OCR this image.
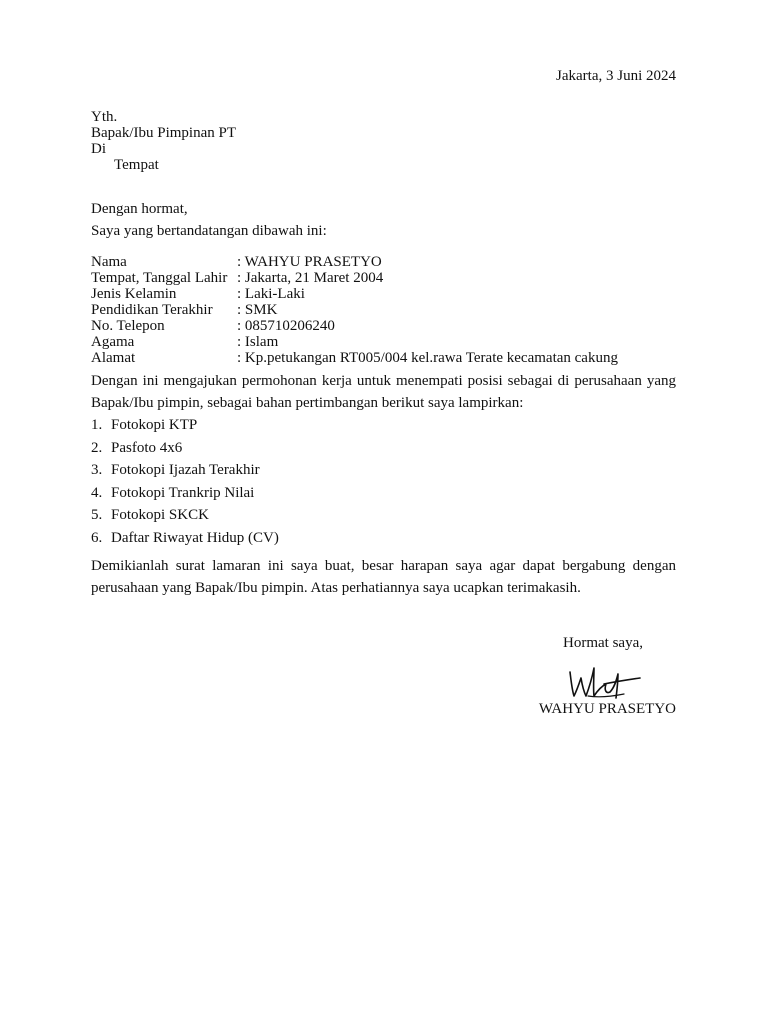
Jakarta, 3 Juni 2024
Yth.
Bapak/Ibu Pimpinan PT
Di
Tempat
Dengan hormat,
Saya yang bertandatangan dibawah ini:
Nama	: WAHYU PRASETYO
Tempat, Tanggal Lahir : Jakarta, 21 Maret 2004
Jenis Kelamin	: Laki-Laki
Pendidikan Terakhir	: SMK
No. Telepon	: 085710206240
Agama	: Islam
Alamat	: Kp.petukangan RT005/004 kel.rawa Terate kecamatan cakung
Dengan ini mengajukan permohonan kerja untuk menempati posisi sebagai di perusahaan yang Bapak/Ibu pimpin, sebagai bahan pertimbangan berikut saya lampirkan:
1. Fotokopi KTP
2. Pasfoto 4x6
3. Fotokopi Ijazah Terakhir
4. Fotokopi Trankrip Nilai
5. Fotokopi SKCK
6. Daftar Riwayat Hidup (CV)
Demikianlah surat lamaran ini saya buat, besar harapan saya agar dapat bergabung dengan perusahaan yang Bapak/Ibu pimpin. Atas perhatiannya saya ucapkan terimakasih.
Hormat saya,
WAHYU PRASETYO
